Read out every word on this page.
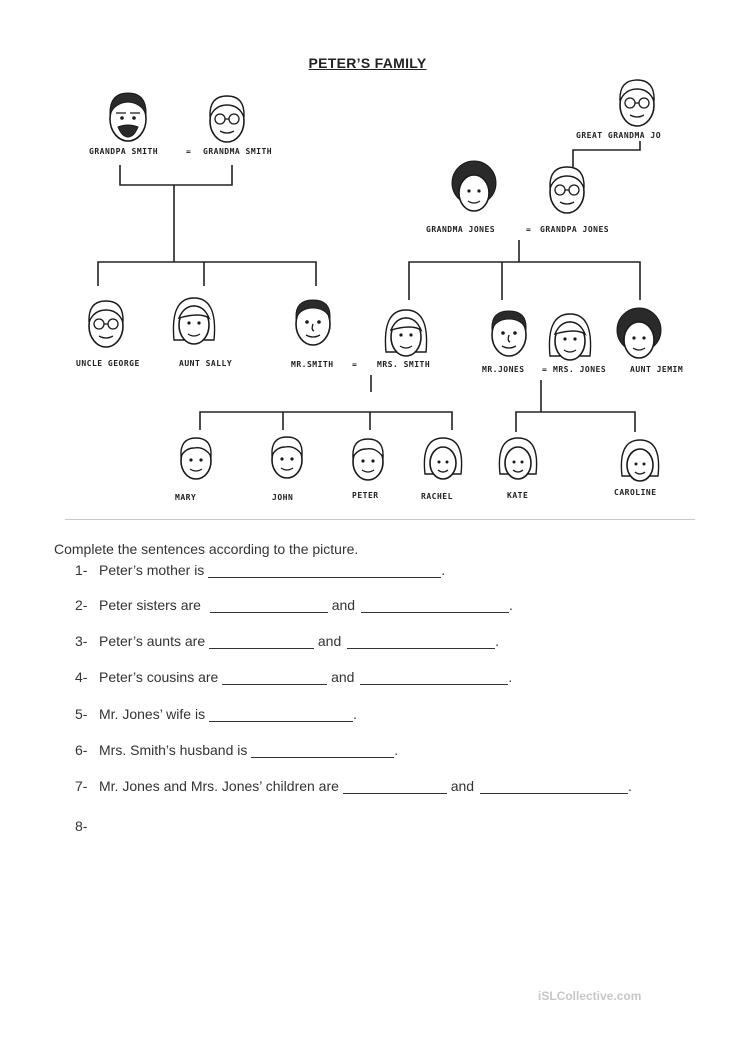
PETER’S FAMILY
GRANDPA SMITH	= GRANDMA SMITH
GREAT GRANDMA JO
GRANDMA JONES	= GRANDPA JONES
UNCLE GEORGE	AUNT SALLY	MR.SMITH = MRS. SMITH
MR.JONES = MRS. JONES	AUNT JEMIM
MARY	JOHN	PETER	RACHEL	KATE	CAROLINE
Complete the sentences according to the picture.
1- Peter’s mother is	.
2- Peter sisters are	and	.
3- Peter’s aunts are	and	.
4- Peter’s cousins are	and	.
5- Mr. Jones’ wife is	.
6- Mrs. Smith’s husband is	.
7- Mr. Jones and Mrs. Jones’ children are	and	.
8-
iSLCollective.com
